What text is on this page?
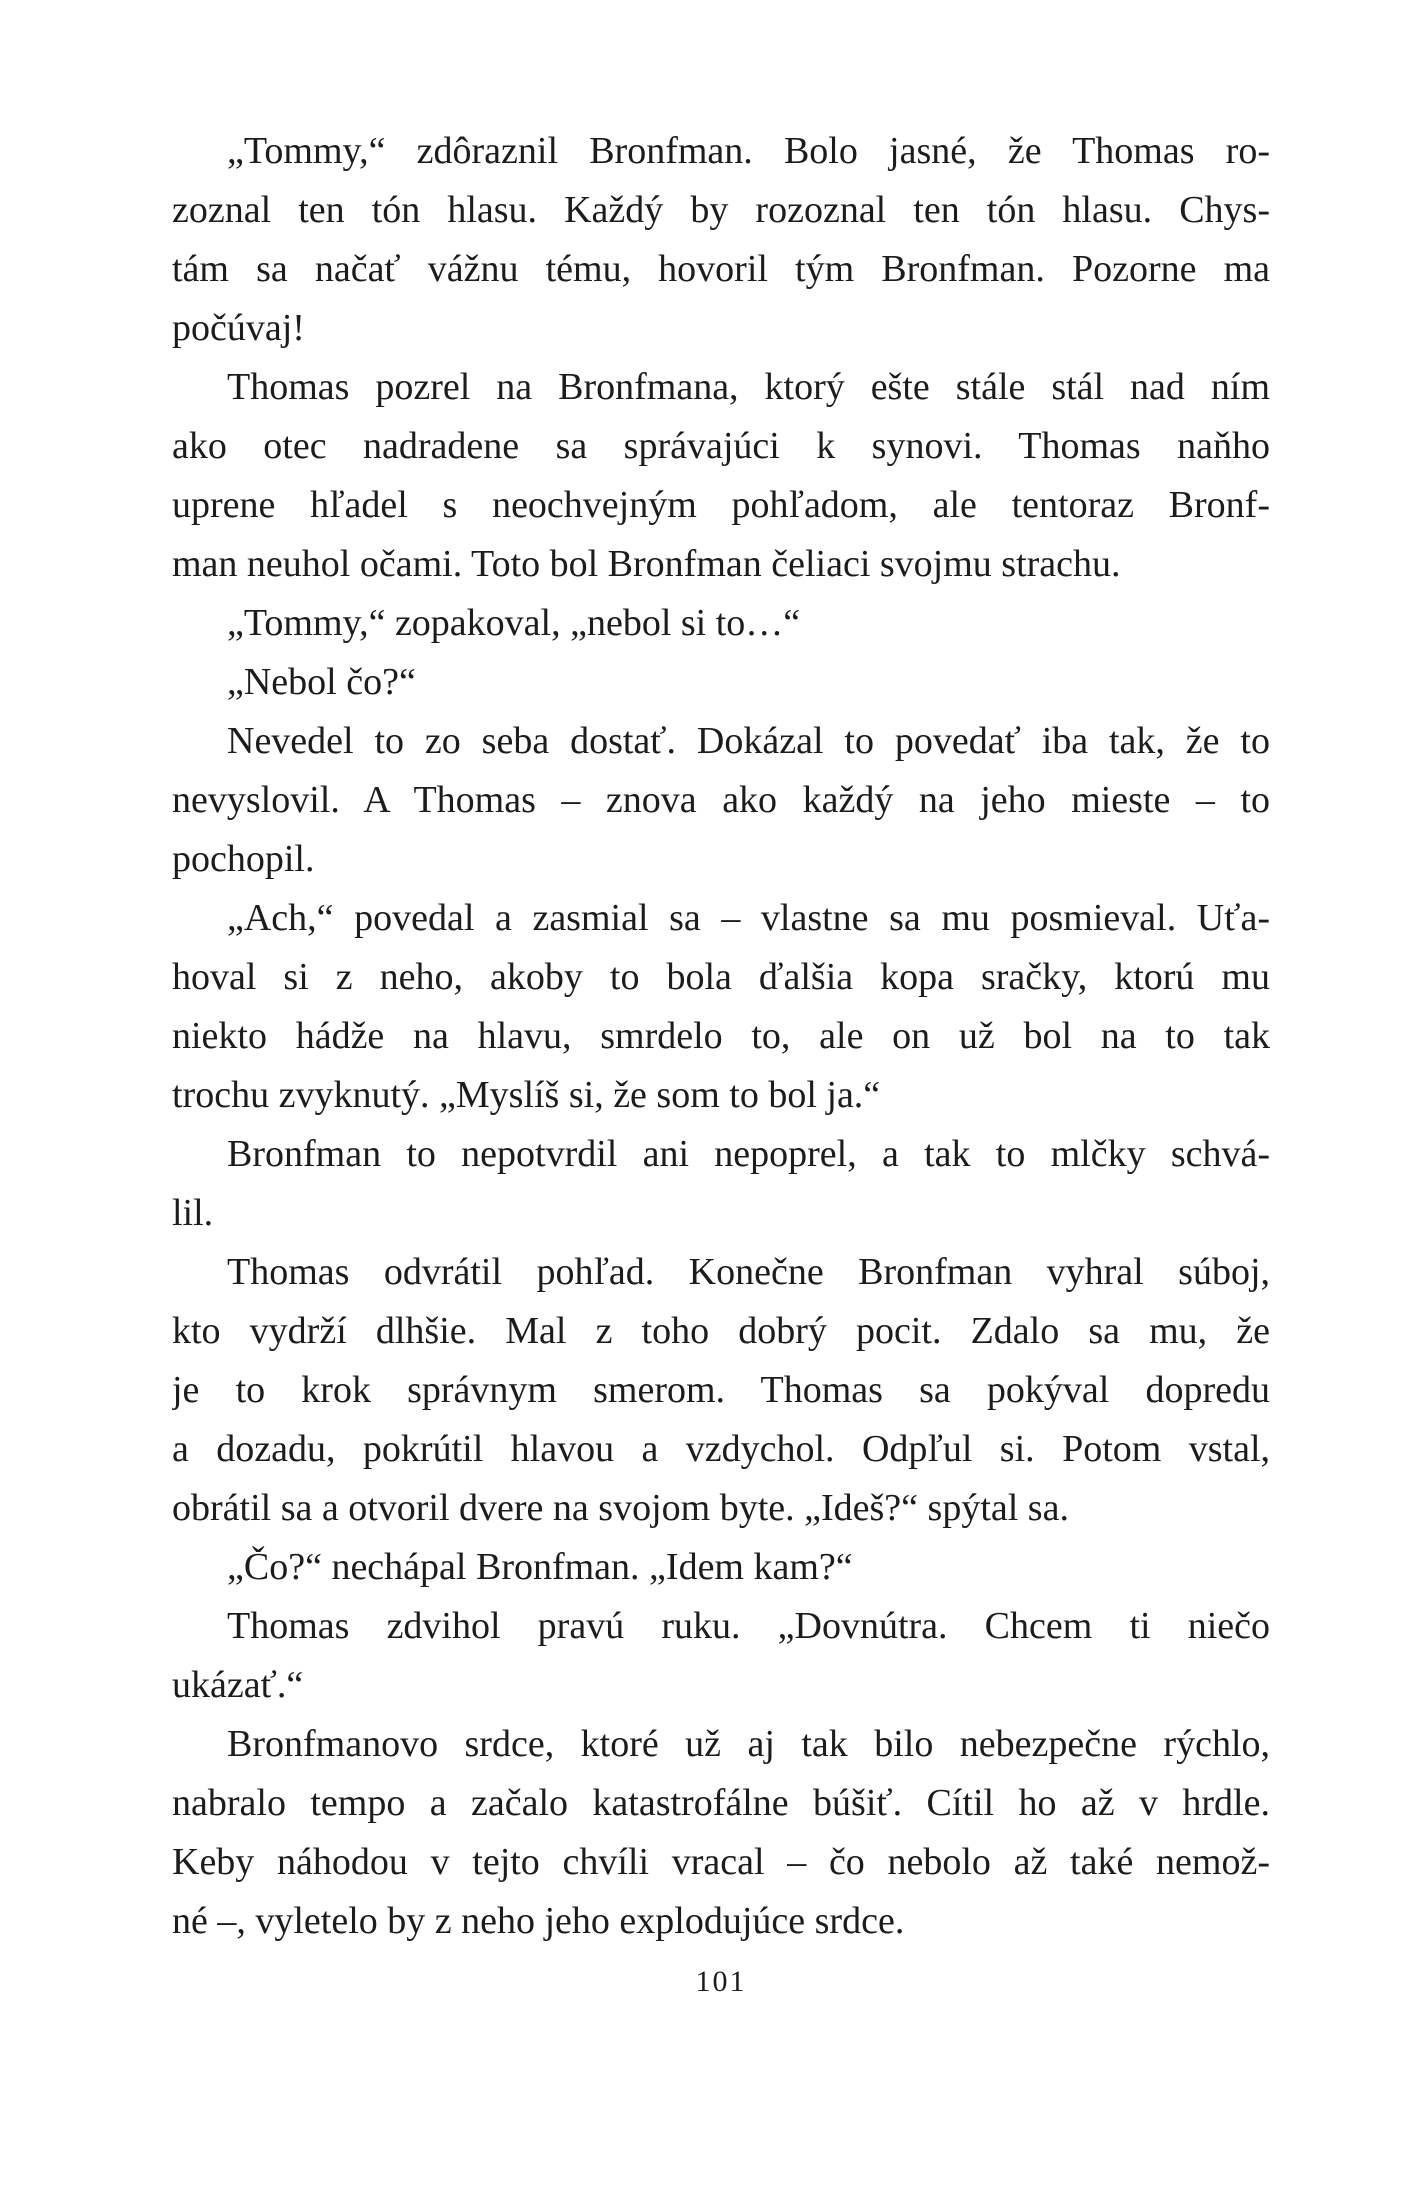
„Tommy,“ zdôraznil Bronfman. Bolo jasné, že Thomas ro-
zoznal ten tón hlasu. Každý by rozoznal ten tón hlasu. Chys-
tám sa načať vážnu tému, hovoril tým Bronfman. Pozorne ma
počúvaj!
Thomas pozrel na Bronfmana, ktorý ešte stále stál nad ním
ako otec nadradene sa správajúci k synovi. Thomas naňho
uprene hľadel s neochvejným pohľadom, ale tentoraz Bronf-
man neuhol očami. Toto bol Bronfman čeliaci svojmu strachu.
„Tommy,“ zopakoval, „nebol si to…“
„Nebol čo?“
Nevedel to zo seba dostať. Dokázal to povedať iba tak, že to
nevyslovil. A Thomas – znova ako každý na jeho mieste – to
pochopil.
„Ach,“ povedal a zasmial sa – vlastne sa mu posmieval. Uťa-
hoval si z neho, akoby to bola ďalšia kopa sračky, ktorú mu
niekto hádže na hlavu, smrdelo to, ale on už bol na to tak
trochu zvyknutý. „Myslíš si, že som to bol ja.“
Bronfman to nepotvrdil ani nepoprel, a tak to mlčky schvá-
lil.
Thomas odvrátil pohľad. Konečne Bronfman vyhral súboj,
kto vydrží dlhšie. Mal z toho dobrý pocit. Zdalo sa mu, že
je to krok správnym smerom. Thomas sa pokýval dopredu
a dozadu, pokrútil hlavou a vzdychol. Odpľul si. Potom vstal,
obrátil sa a otvoril dvere na svojom byte. „Ideš?“ spýtal sa.
„Čo?“ nechápal Bronfman. „Idem kam?“
Thomas zdvihol pravú ruku. „Dovnútra. Chcem ti niečo
ukázať.“
Bronfmanovo srdce, ktoré už aj tak bilo nebezpečne rýchlo,
nabralo tempo a začalo katastrofálne búšiť. Cítil ho až v hrdle.
Keby náhodou v tejto chvíli vracal – čo nebolo až také nemož-
né –, vyletelo by z neho jeho explodujúce srdce.
101
